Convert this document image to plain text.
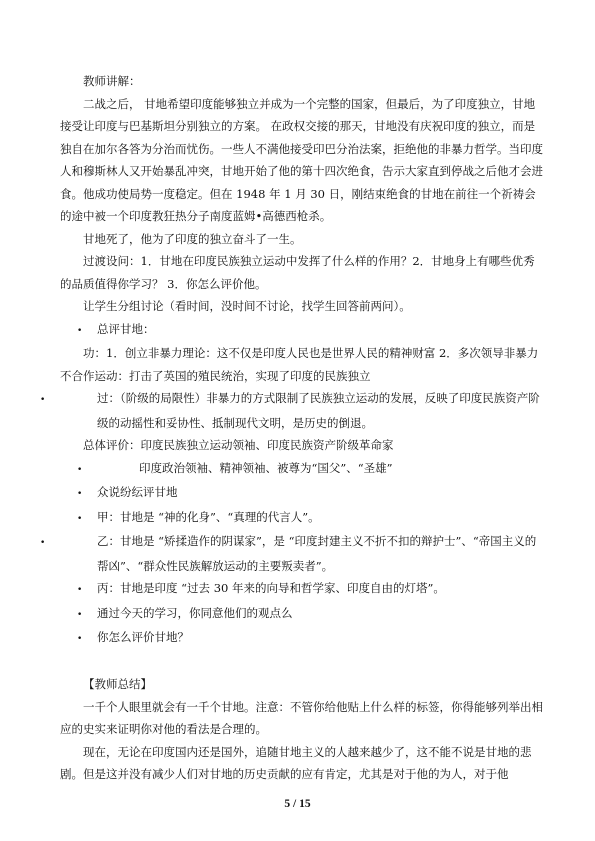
教师讲解：

二战之后， 甘地希望印度能够独立并成为一个完整的国家，但最后，为了印度独立，甘地接受让印度与巴基斯坦分别独立的方案。 在政权交接的那天，甘地没有庆祝印度的独立，而是独自在加尔各答为分治而忧伤。一些人不满他接受印巴分治法案，拒绝他的非暴力哲学。当印度人和穆斯林人又开始暴乱冲突，甘地开始了他的第十四次绝食，告示大家直到停战之后他才会进食。他成功使局势一度稳定。但在 1948 年 1 月 30 日，刚结束绝食的甘地在前往一个祈祷会的途中被一个印度教狂热分子南度蓝姆•高德西枪杀。

甘地死了，他为了印度的独立奋斗了一生。

过渡设问：1．甘地在印度民族独立运动中发挥了什么样的作用？2．甘地身上有哪些优秀的品质值得你学习？ 3．你怎么评价他。

让学生分组讨论（看时间，没时间不讨论，找学生回答前两问）。

• 总评甘地：

功：1．创立非暴力理论：这不仅是印度人民也是世界人民的精神财富 2．多次领导非暴力不合作运动：打击了英国的殖民统治，实现了印度的民族独立

•	过：（阶级的局限性）非暴力的方式限制了民族独立运动的发展，反映了印度民族资产阶级的动摇性和妥协性、抵制现代文明，是历史的倒退。

总体评价：印度民族独立运动领袖、印度民族资产阶级革命家

•	印度政治领袖、精神领袖、被尊为“国父”、“圣雄”

• 众说纷纭评甘地

• 甲：甘地是 “神的化身”、“真理的代言人”。

•	乙：甘地是 “矫揉造作的阴谋家”，是 “印度封建主义不折不扣的辩护士”、“帝国主义的帮凶”、“群众性民族解放运动的主要叛卖者”。

• 丙：甘地是印度 “过去 30 年来的向导和哲学家、印度自由的灯塔”。

• 通过今天的学习，你同意他们的观点么

• 你怎么评价甘地？

【教师总结】

一千个人眼里就会有一千个甘地。注意：不管你给他贴上什么样的标签，你得能够列举出相应的史实来证明你对他的看法是合理的。

现在，无论在印度国内还是国外，追随甘地主义的人越来越少了，这不能不说是甘地的悲剧。但是这并没有减少人们对甘地的历史贡献的应有肯定，尤其是对于他的为人，对于他

5 / 15
